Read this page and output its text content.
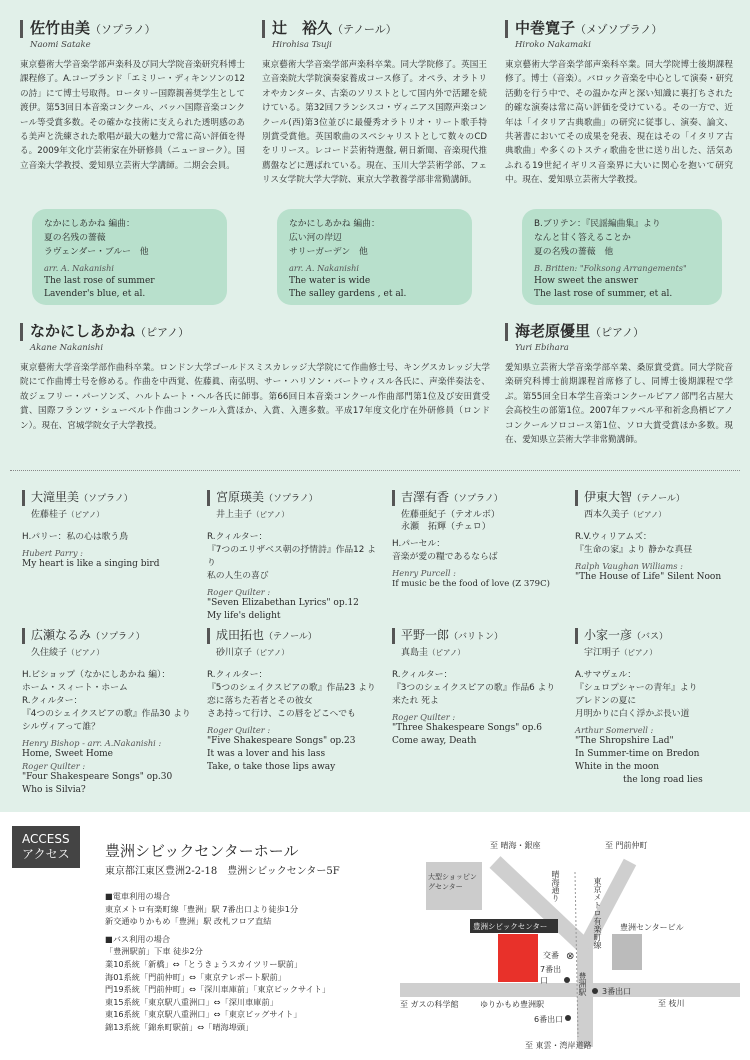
佐竹由美（ソプラノ）
Naomi Satake
東京藝術大学音楽学部声楽科及び同大学院音楽研究科博士課程修了。A.コープランド「エミリー・ディキンソンの12の詩」にて博士号取得。ロータリー国際親善奨学生として渡伊。第53回日本音楽コンクール、バッハ国際音楽コンクール等受賞多数。その確かな技術に支えられた透明感のある美声と洗練された歌唱が最大の魅力で常に高い評価を得る。2009年文化庁芸術家在外研修員（ニューヨーク）。国立音楽大学教授、愛知県立芸術大学講師。二期会会員。
辻　裕久（テノール）
Hirohisa Tsuji
東京藝術大学音楽学部声楽科卒業。同大学院修了。英国王立音楽院大学院演奏家養成コース修了。オペラ、オラトリオやカンタータ、古楽のソリストとして国内外で活躍を続けている。第32回フランシスコ・ヴィニアス国際声楽コンクール(西)第3位並びに最優秀オラトリオ・リート歌手特別賞受賞他。英国歌曲のスペシャリストとして数々のCDをリリース。レコード芸術特選盤, 朝日新聞、音楽現代推薦盤などに選ばれている。現在、玉川大学芸術学部、フェリス女学院大学大学院、東京大学教養学部非常勤講師。
中巻寛子（メゾソプラノ）
Hiroko Nakamaki
東京藝術大学音楽学部声楽科卒業。同大学院博士後期課程修了。博士（音楽）。バロック音楽を中心として演奏・研究活動を行う中で、その温かな声と深い知識に裏打ちされた的確な演奏は常に高い評価を受けている。その一方で、近年は「イタリア古典歌曲」の研究に従事し、演奏、論文、共著書においてその成果を発表、現在はその「イタリア古典歌曲」や多くのトスティ歌曲を世に送り出した、活気あふれる19世紀イギリス音楽界に大いに関心を抱いて研究中。現在、愛知県立芸術大学教授。
なかにしあかね 編曲：
夏の名残の薔薇
ラヴェンダー・ブルー　他
arr. A. Nakanishi
The last rose of summer
Lavender's blue, et al.
なかにしあかね 編曲：
広い河の岸辺
サリーガーデン　他
arr. A. Nakanishi
The water is wide
The salley gardens , et al.
B.ブリテン：『民謡編曲集』より
なんと甘く答えることか
夏の名残の薔薇　他
B. Britten: "Folksong Arrangements"
How sweet the answer
The last rose of summer, et al.
なかにしあかね（ピアノ）
Akane Nakanishi
東京藝術大学音楽学部作曲科卒業。ロンドン大学ゴールドスミスカレッジ大学院にて作曲修士号、キングスカレッジ大学院にて作曲博士号を修める。作曲を中西覚、佐藤眞、南弘明、サー・ハリソン・バートウィスル各氏に、声楽伴奏法を、故ジェフリー・パーソンズ、ハルトムート・ヘル各氏に師事。第66回日本音楽コンクール作曲部門第1位及び安田賞受賞、国際フランツ・シューベルト作曲コンクール入賞ほか、入賞、入選多数。平成17年度文化庁在外研修員（ロンドン）。現在、宮城学院女子大学教授。
海老原優里（ピアノ）
Yuri Ebihara
愛知県立芸術大学音楽学部卒業、桑原賞受賞。同大学院音楽研究科博士前期課程首席修了し、同博士後期課程で学ぶ。第55回全日本学生音楽コンクールピアノ部門名古屋大会高校生の部第1位。2007年フッペル平和祈念鳥栖ピアノコンクールソロコース第1位、ソロ大賞受賞ほか多数。現在、愛知県立芸術大学非常勤講師。
大滝里美（ソプラノ）
佐藤桂子（ピアノ）
H.パリー：私の心は歌う鳥
Hubert Parry :
My heart is like a singing bird
宮原瑛美（ソプラノ）
井上圭子（ピアノ）
R.クィルター：
『7つのエリザベス朝の抒情詩』作品12 より
私の人生の喜び
Roger Quilter :
"Seven Elizabethan Lyrics" op.12
My life's delight
吉澤有香（ソプラノ）
佐藤亜紀子（テオルボ）
永瀬　拓輝（チェロ）
H.パーセル：
音楽が愛の糧であるならば
Henry Purcell :
If music be the food of love (Z 379C)
伊東大智（テノール）
西本久美子（ピアノ）
R.V.ウィリアムズ：
『生命の家』より 静かな真昼
Ralph Vaughan Williams :
"The House of Life" Silent Noon
広瀬なるみ（ソプラノ）
久住綾子（ピアノ）
H.ビショップ（なかにしあかね 編）：
ホーム・スィート・ホーム
R.クィルター：
『4つのシェイクスピアの歌』作品30 より
シルヴィアって誰？
Henry Bishop - arr. A.Nakanishi :
Home, Sweet Home
Roger Quilter :
"Four Shakespeare Songs" op.30
Who is Silvia?
成田拓也（テノール）
砂川京子（ピアノ）
R.クィルター：
『5つのシェイクスピアの歌』作品23 より
恋に落ちた若者とその彼女
さあ持って行け、この唇をどこへでも
Roger Quilter :
"Five Shakespeare Songs" op.23
It was a lover and his lass
Take, o take those lips away
平野一郎（バリトン）
真島圭（ピアノ）
R.クィルター：
『3つのシェイクスピアの歌』作品6 より
来たれ 死よ
Roger Quilter :
"Three Shakespeare Songs" op.6
Come away, Death
小家一彦（バス）
宇江明子（ピアノ）
A.サマヴェル：
『シュロプシャーの青年』より
ブレドンの夏に
月明かりに白く浮かぶ長い道
Arthur Somervell :
"The Shropshire Lad"
In Summer-time on Bredon
White in the moon
the long road lies
ACCESS
アクセス 豊洲シビックセンターホール
東京都江東区豊洲2-2-18　豊洲シビックセンター5F
■電車利用の場合
東京メトロ有楽町線「豊洲」駅 7番出口より徒歩1分
新交通ゆりかもめ「豊洲」駅 改札フロア直結
■バス利用の場合
「豊洲駅前」下車 徒歩2分
業10系統「新橋」⇔「とうきょうスカイツリー駅前」
海01系統「門前仲町」⇔「東京テレポート駅前」
門19系統「門前仲町」⇔「深川車庫前」「東京ビックサイト」
東15系統「東京駅八重洲口」⇔「深川車庫前」
東16系統「東京駅八重洲口」⇔「東京ビッグサイト」
錦13系統「錦糸町駅前」⇔「晴海埠頭」
大型ショッピングセンター
豊洲シビックセンター	豊洲センタービル
至 晴海・銀座	至 門前仲町
晴海通り	東京メトロ有楽町線
交番 ⊗
7番出口	豊洲駅 3番出口
至 枝川
至 ガスの科学館	ゆりかもめ豊洲駅
6番出口
至 東雲・湾岸道路
